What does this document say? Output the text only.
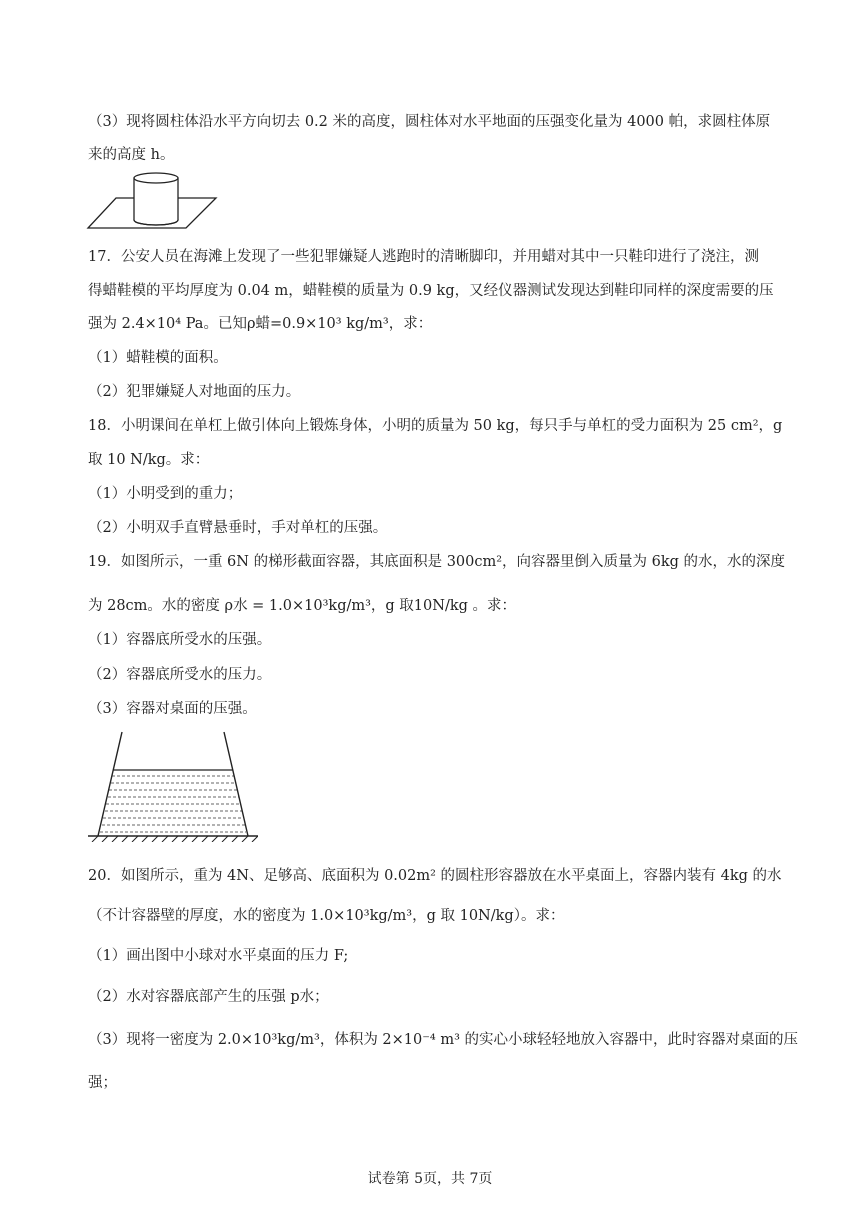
（3）现将圆柱体沿水平方向切去 0.2 米的高度，圆柱体对水平地面的压强变化量为 4000 帕，求圆柱体原
来的高度 h。
17．公安人员在海滩上发现了一些犯罪嫌疑人逃跑时的清晰脚印，并用蜡对其中一只鞋印进行了浇注，测
得蜡鞋模的平均厚度为 0.04 m，蜡鞋模的质量为 0.9 kg，又经仪器测试发现达到鞋印同样的深度需要的压
强为 2.4×10⁴ Pa。已知ρ蜡=0.9×10³ kg/m³，求：
（1）蜡鞋模的面积。
（2）犯罪嫌疑人对地面的压力。
18．小明课间在单杠上做引体向上锻炼身体，小明的质量为 50 kg，每只手与单杠的受力面积为 25 cm²，g
取 10 N/kg。求：
（1）小明受到的重力；
（2）小明双手直臂悬垂时，手对单杠的压强。
19．如图所示，一重 6N 的梯形截面容器，其底面积是 300cm²，向容器里倒入质量为 6kg 的水，水的深度
为 28cm。水的密度 ρ水 = 1.0×10³kg/m³，g 取10N/kg 。求：
（1）容器底所受水的压强。
（2）容器底所受水的压力。
（3）容器对桌面的压强。
20．如图所示，重为 4N、足够高、底面积为 0.02m² 的圆柱形容器放在水平桌面上，容器内装有 4kg 的水
（不计容器壁的厚度，水的密度为 1.0×10³kg/m³，g 取 10N/kg）。求：
（1）画出图中小球对水平桌面的压力 F;
（2）水对容器底部产生的压强 p水；
（3）现将一密度为 2.0×10³kg/m³，体积为 2×10⁻⁴ m³ 的实心小球轻轻地放入容器中，此时容器对桌面的压
强；
试卷第 5页，共 7页
